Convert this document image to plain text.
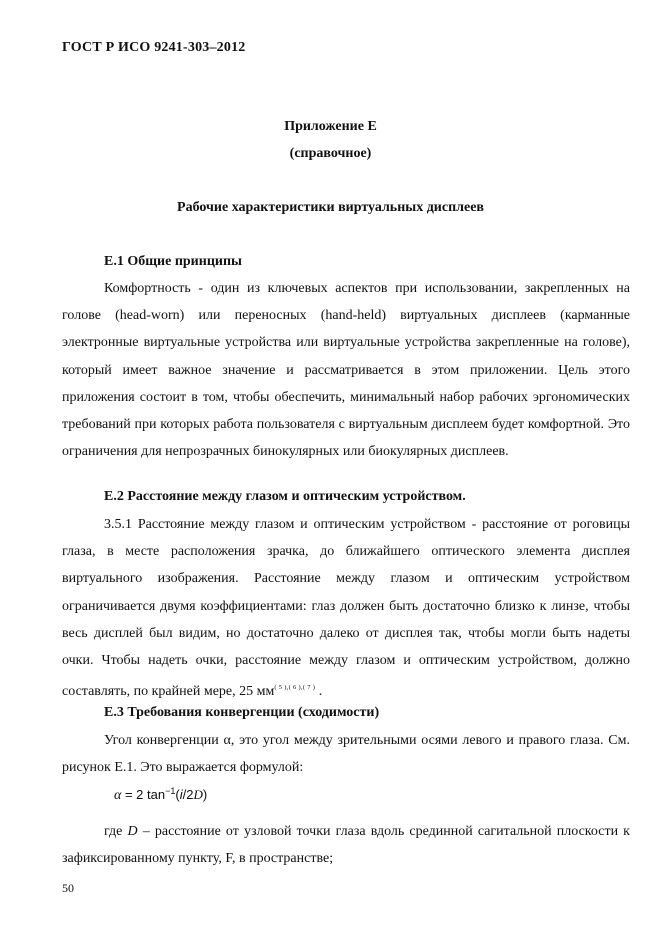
ГОСТ Р ИСО 9241-303–2012
Приложение Е
(справочное)
Рабочие характеристики виртуальных дисплеев
Е.1 Общие принципы

Комфортность - один из ключевых аспектов при использовании, закрепленных на голове (head-worn) или переносных (hand-held) виртуальных дисплеев (карманные электронные виртуальные устройства или виртуальные устройства закрепленные на голове), который имеет важное значение и рассматривается в этом приложении. Цель этого приложения состоит в том, чтобы обеспечить, минимальный набор рабочих эргономических требований при которых работа пользователя с виртуальным дисплеем будет комфортной. Это ограничения для непрозрачных бинокулярных или биокулярных дисплеев.

Е.2 Расстояние между глазом и оптическим устройством.

3.5.1 Расстояние между глазом и оптическим устройством - расстояние от роговицы глаза, в месте расположения зрачка, до ближайшего оптического элемента дисплея виртуального изображения. Расстояние между глазом и оптическим устройством ограничивается двумя коэффициентами: глаз должен быть достаточно близко к линзе, чтобы весь дисплей был видим, но достаточно далеко от дисплея так, чтобы могли быть надеты очки. Чтобы надеть очки, расстояние между глазом и оптическим устройством, должно составлять, по крайней мере, 25 $мм^{( 5 ),( 6 ),( 7 )}$ .

Е.3 Требования конвергенции (сходимости)

Угол конвергенции α, это угол между зрительными осями левого и правого глаза. См. рисунок Е.1. Это выражается формулой:

α = 2 $\tan^{-1}(i/2D)$

где D – расстояние от узловой точки глаза вдоль срединной сагитальной плоскости к зафиксированному пункту, F, в пространстве;

50
